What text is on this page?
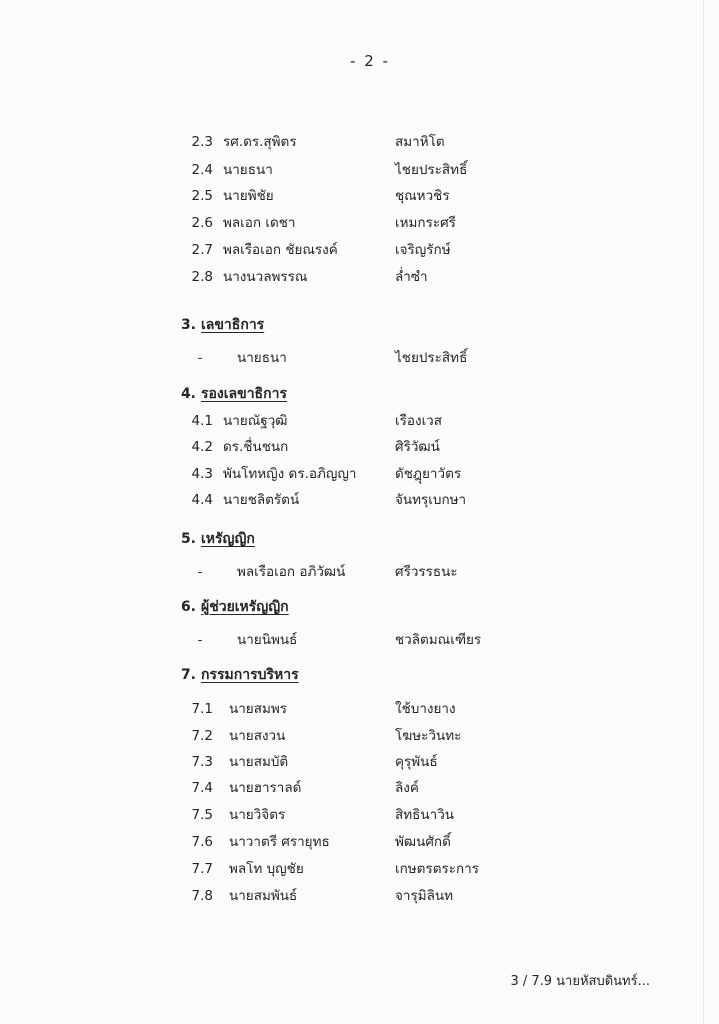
- 2 -
2.3 รศ.ดร.สุพิตร	สมาหิโต
2.4 นายธนา	ไชยประสิทธิ์
2.5 นายพิชัย	ชุณหวชิร
2.6 พลเอก เดชา	เหมกระศรี
2.7 พลเรือเอก ชัยณรงค์	เจริญรักษ์
2.8 นางนวลพรรณ	ล่ำซำ
3. เลขาธิการ
-	นายธนา	ไชยประสิทธิ์
4. รองเลขาธิการ
4.1 นายณัฐวุฒิ	เรืองเวส
4.2 ดร.ชื่นชนก	ศิริวัฒน์
4.3 พันโทหญิง ดร.อภิญญา	ดัชฎุยาวัตร
4.4 นายชลิตรัตน์	จันทรุเบกษา
5. เหรัญญิก
-	พลเรือเอก อภิวัฒน์	ศรีวรรธนะ
6. ผู้ช่วยเหรัญญิก
-	นายนิพนธ์	ชวลิตมณเฑียร
7. กรรมการบริหาร
7.1 นายสมพร	ใช้บางยาง
7.2 นายสงวน	โฆษะวินทะ
7.3 นายสมบัติ	คุรุพันธ์
7.4 นายฮาราลด์	ลิงค์
7.5 นายวิจิตร	สิทธินาวิน
7.6 นาวาตรี ศรายุทธ	พัฒนศักดิ์
7.7 พลโท บุญชัย	เกษตรตระการ
7.8 นายสมพันธ์	จารุมิลินท
3 / 7.9 นายหัสบดินทร์...
